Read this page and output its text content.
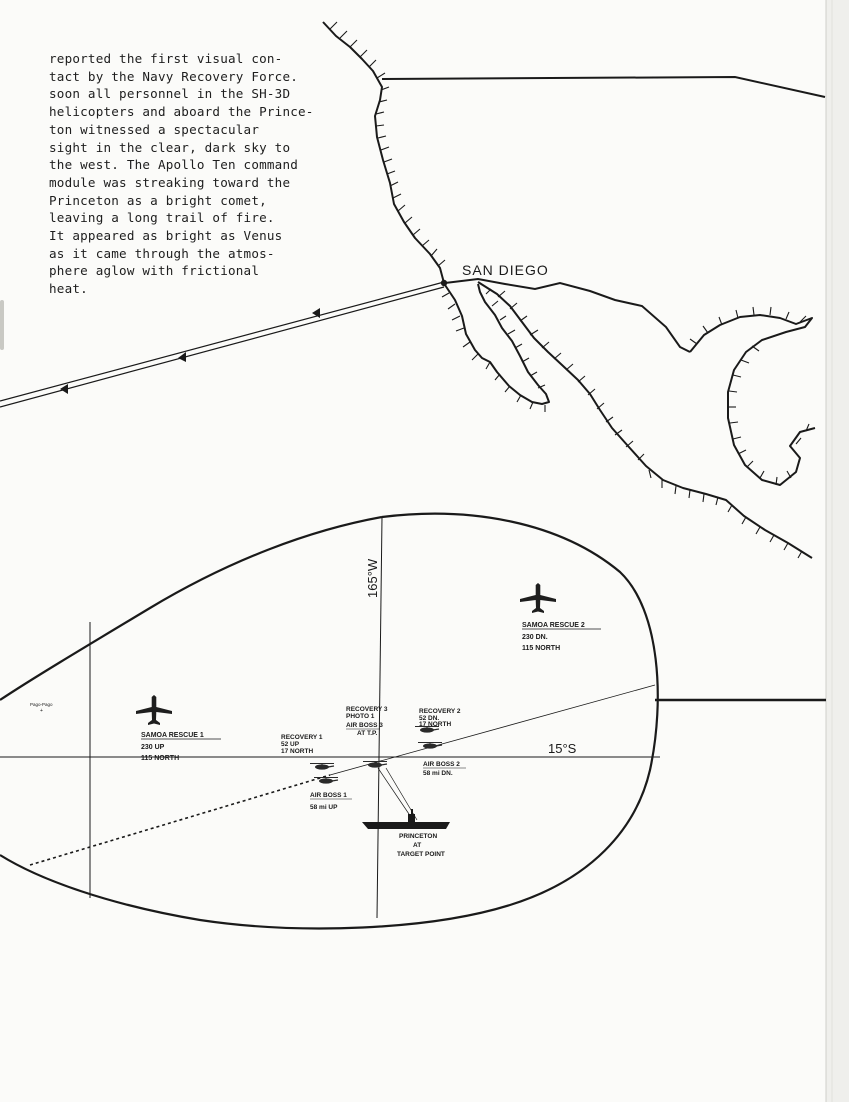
reported the first visual con-
tact by the Navy Recovery Force.
soon all personnel in the SH-3D
helicopters and aboard the Prince-
ton witnessed a spectacular
sight in the clear, dark sky to
the west. The Apollo Ten command
module was streaking toward the
Princeton as a bright comet,
leaving a long trail of fire.
It appeared as bright as Venus
as it came through the atmos-
phere aglow with frictional
heat.

SAN DIEGO
165°W
15°S
Pago-Pago
+
SAMOA RESCUE 1
230 UP
115 NORTH
SAMOA RESCUE 2
230 DN.
115 NORTH
RECOVERY 1
52 UP
17 NORTH
RECOVERY 3
PHOTO 1
AIR BOSS 3
AT T.P.
RECOVERY 2
52 DN.
17 NORTH
AIR BOSS 2
58 mi DN.
AIR BOSS 1
58 mi UP
PRINCETON
AT
TARGET POINT
